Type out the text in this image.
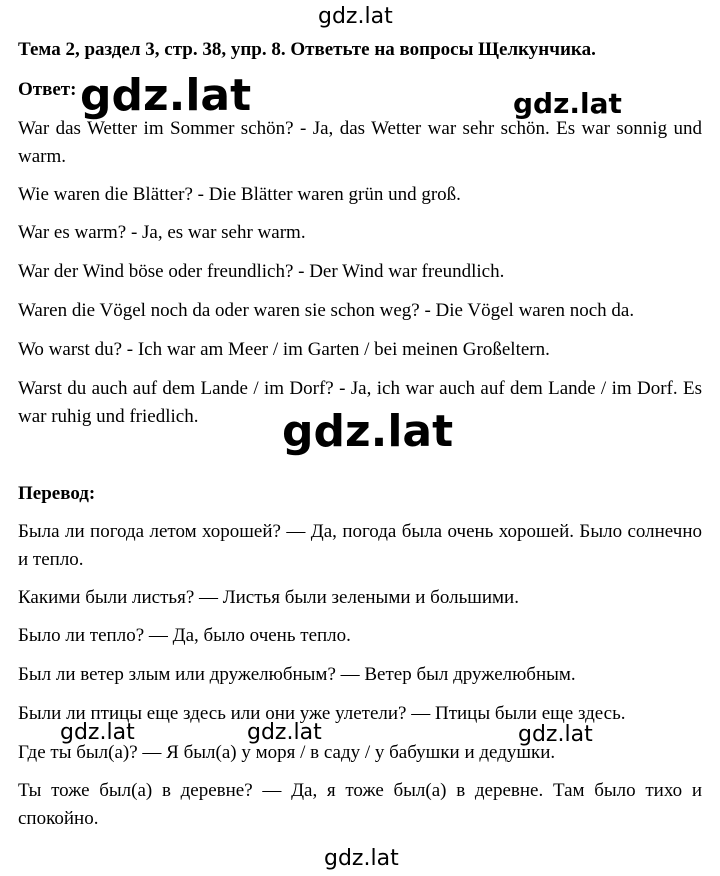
gdz.lat
Тема 2, раздел 3, стр. 38, упр. 8. Ответьте на вопросы Щелкунчика.
Ответ:
War das Wetter im Sommer schön? - Ja, das Wetter war sehr schön. Es war sonnig und warm.
Wie waren die Blätter? - Die Blätter waren grün und groß.
War es warm? - Ja, es war sehr warm.
War der Wind böse oder freundlich? - Der Wind war freundlich.
Waren die Vögel noch da oder waren sie schon weg? - Die Vögel waren noch da.
Wo warst du? - Ich war am Meer / im Garten / bei meinen Großeltern.
Warst du auch auf dem Lande / im Dorf? - Ja, ich war auch auf dem Lande / im Dorf. Es war ruhig und friedlich.
Перевод:
Была ли погода летом хорошей? — Да, погода была очень хорошей. Было солнечно и тепло.
Какими были листья? — Листья были зелеными и большими.
Было ли тепло? — Да, было очень тепло.
Был ли ветер злым или дружелюбным? — Ветер был дружелюбным.
Были ли птицы еще здесь или они уже улетели? — Птицы были еще здесь.
Где ты был(а)? — Я был(а) у моря / в саду / у бабушки и дедушки.
Ты тоже был(а) в деревне? — Да, я тоже был(а) в деревне. Там было тихо и спокойно.
gdz.lat	gdz.lat
gdz.lat
gdz.lat	gdz.lat	gdz.lat
gdz.lat
